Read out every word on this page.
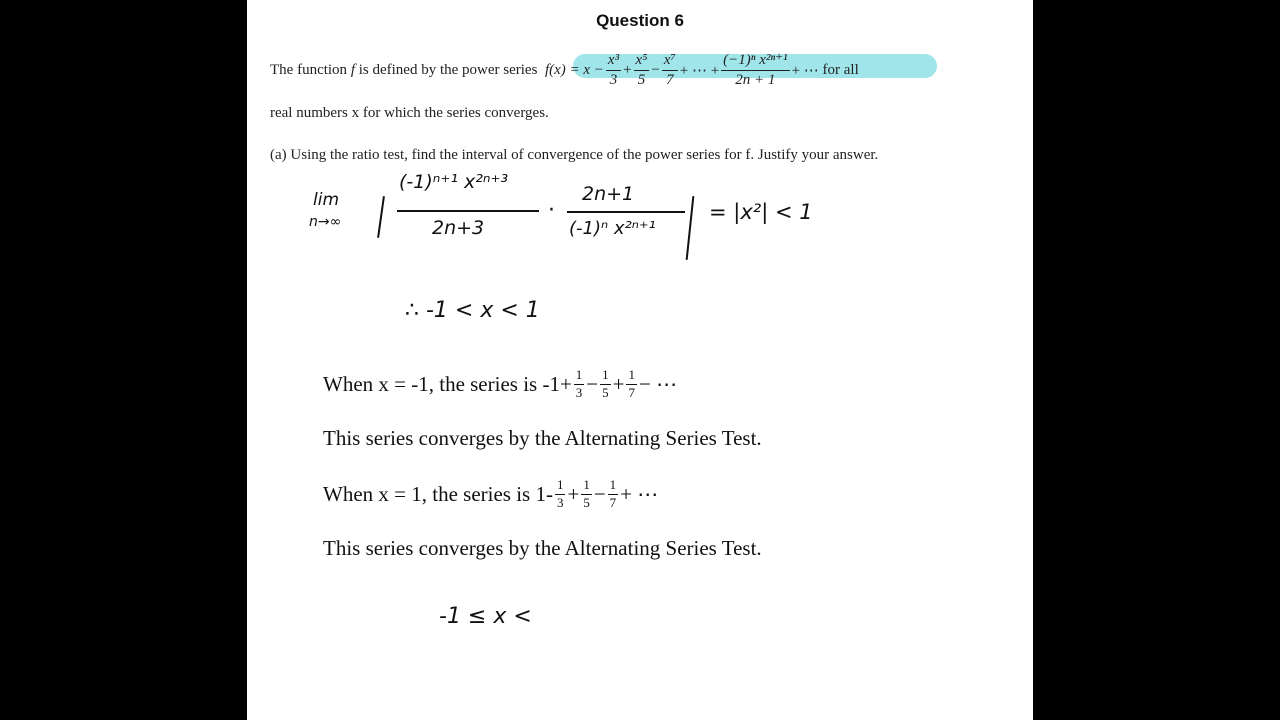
Question 6
The function
f
is defined by the power series
$f(x) = x - \frac{\text{x³}}{3} + \frac{\text{x⁵}}{5} - \frac{\text{x⁷}}{7}$ + ⋯ + $\frac{\text{(−1)ⁿ x²ⁿ⁺¹}}{2n + 1}$ + ⋯
for all
real numbers x for which the series converges.
(a) Using the ratio test, find the interval of convergence of the power series for f. Justify your answer.
lim
n→∞
(-1)ⁿ⁺¹ x²ⁿ⁺³
2n+3
·
2n+1
(-1)ⁿ x²ⁿ⁺¹
= |x²| < 1
∴ -1 < x < 1
When x = -1, the series is $-1+ \frac{1}{3} - \frac{1}{5} + \frac{1}{7}$ − ⋯
This series converges by the Alternating Series Test.
When x = 1, the series is $1- \frac{1}{3} + \frac{1}{5} - \frac{1}{7}$ + ⋯
This series converges by the Alternating Series Test.
-1 ≤ x <
